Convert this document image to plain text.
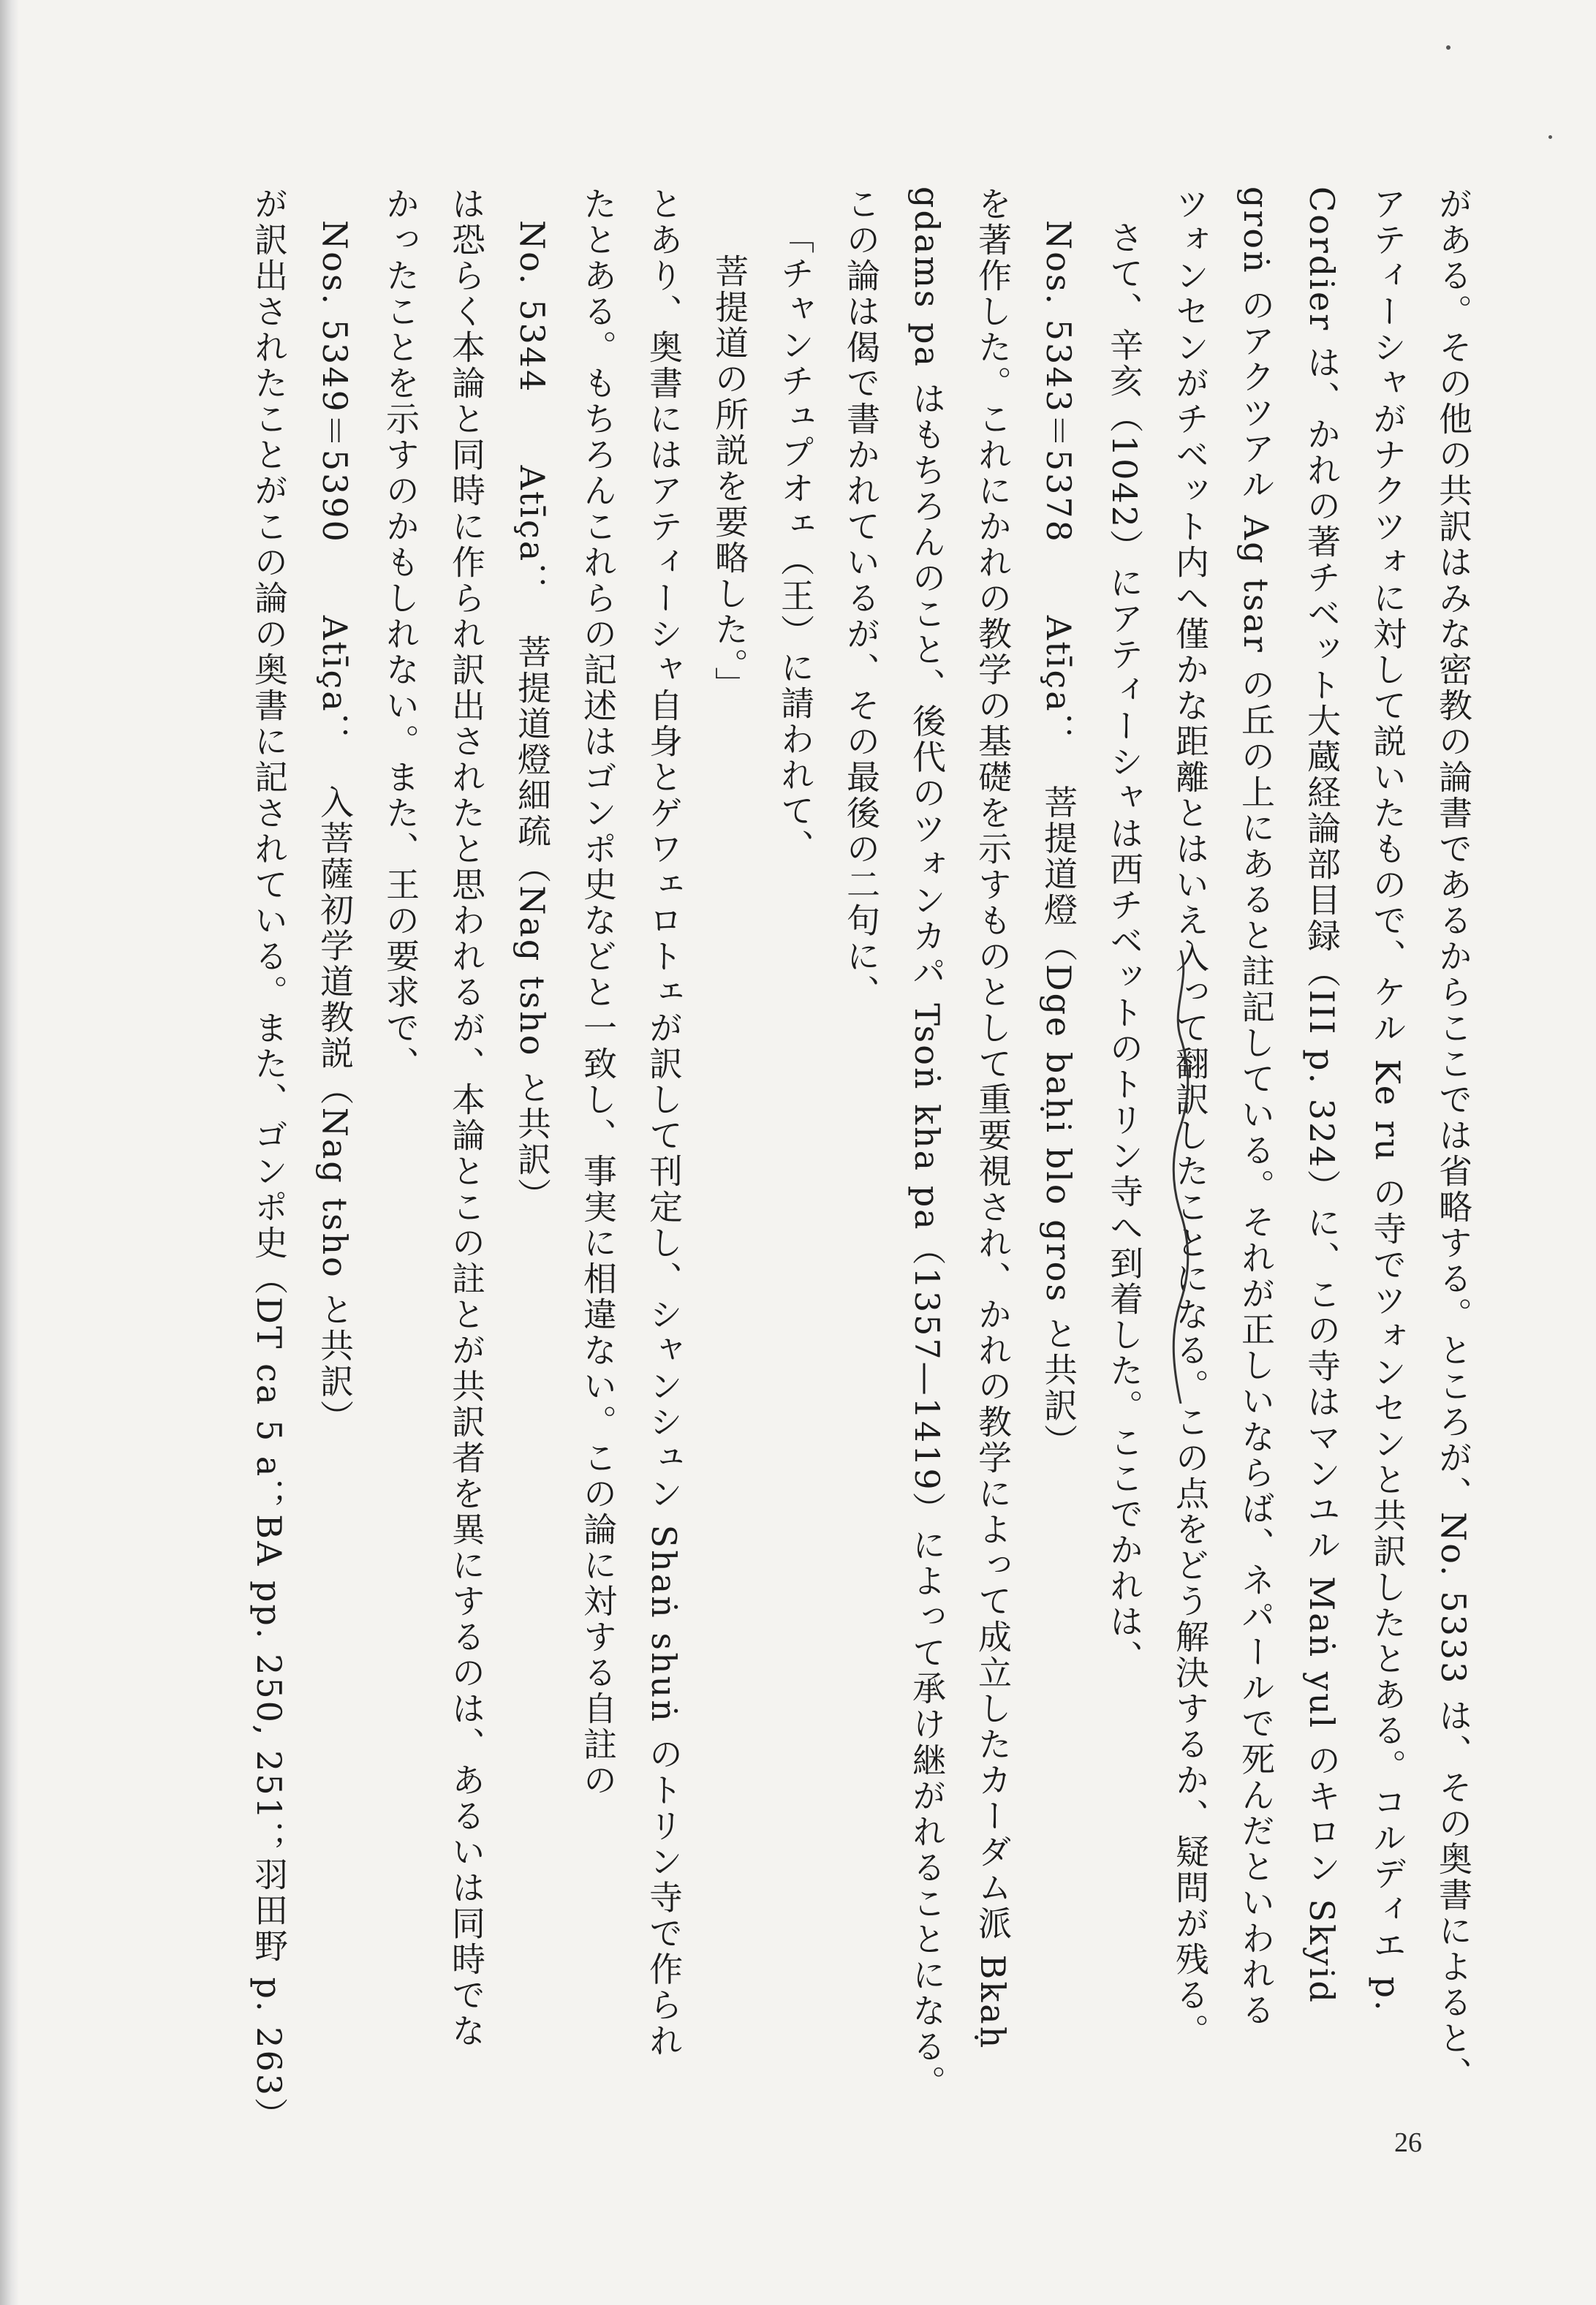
がある。その他の共訳はみな密教の論書であるからここでは省略する。ところが、No. 5333 は、その奥書によると、
アティーシャがナクツォに対して説いたもので、ケル Ke ru の寺でツォンセンと共訳したとある。コルディエ p.
Cordier は、かれの著チベット大蔵経論部目録（III p. 324）に、この寺はマンユル Maṅ yul のキロン Skyid
groṅ のアクツアル Ag tsar の丘の上にあると註記している。それが正しいならば、ネパールで死んだといわれる
ツォンセンがチベット内へ僅かな距離とはいえ入って翻訳したことになる。この点をどう解決するか、疑問が残る。
さて、辛亥（1042）にアティーシャは西チベットのトリン寺へ到着した。ここでかれは、
Nos. 5343＝5378　　Atīça：　菩提道燈（Dge baḥi blo gros と共訳）
を著作した。これにかれの教学の基礎を示すものとして重要視され、かれの教学によって成立したカーダム派 Bkaḥ
gdams pa はもちろんのこと、後代のツォンカパ Tsoṅ kha pa（1357—1419）によって承け継がれることになる。
この論は偈で書かれているが、その最後の二句に、
「チャンチュプオェ（王）に請われて、
菩提道の所説を要略した。」
とあり、奥書にはアティーシャ自身とゲワェロトェが訳して刊定し、シャンシュン Shaṅ shuṅ のトリン寺で作られ
たとある。もちろんこれらの記述はゴンポ史などと一致し、事実に相違ない。この論に対する自註の
No. 5344　　Atīça：　菩提道燈細疏（Nag tsho と共訳）
は恐らく本論と同時に作られ訳出されたと思われるが、本論とこの註とが共訳者を異にするのは、あるいは同時でな
かったことを示すのかもしれない。また、王の要求で、
Nos. 5349＝5390　　Atīça：　入菩薩初学道教説（Nag tsho と共訳）
が訳出されたことがこの論の奥書に記されている。また、ゴンポ史（DT ca 5 a；BA pp. 250, 251；羽田野 p. 263）
26
